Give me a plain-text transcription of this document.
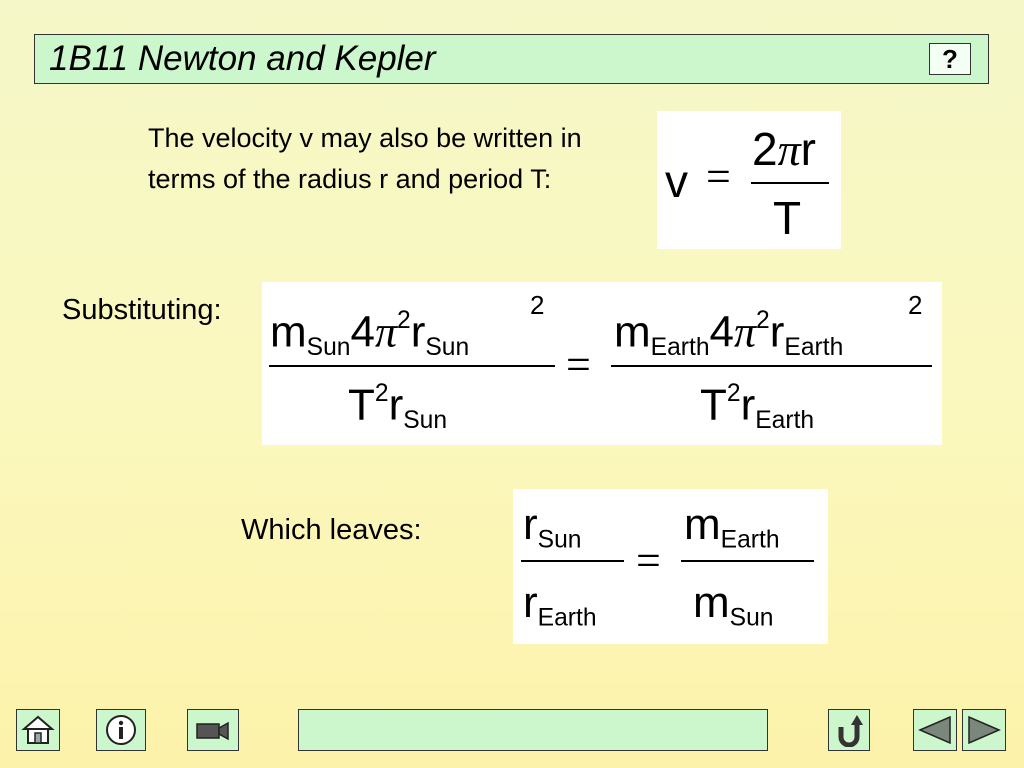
1B11 Newton and Kepler	?
The velocity v may also be written in terms of the radius r and period T:	v =
2πr
T
Substituting: $m_{Sun}4\pi^2r_{Sun}$
2
$T^2r_{Sun}$
=
$m_{Earth}4\pi^2r_{Earth}$
2
$T^2r_{Earth}$
Which leaves: $r_{Sun}$
$r_{Earth}$
=
$m_{Earth}$
$m_{Sun}$
